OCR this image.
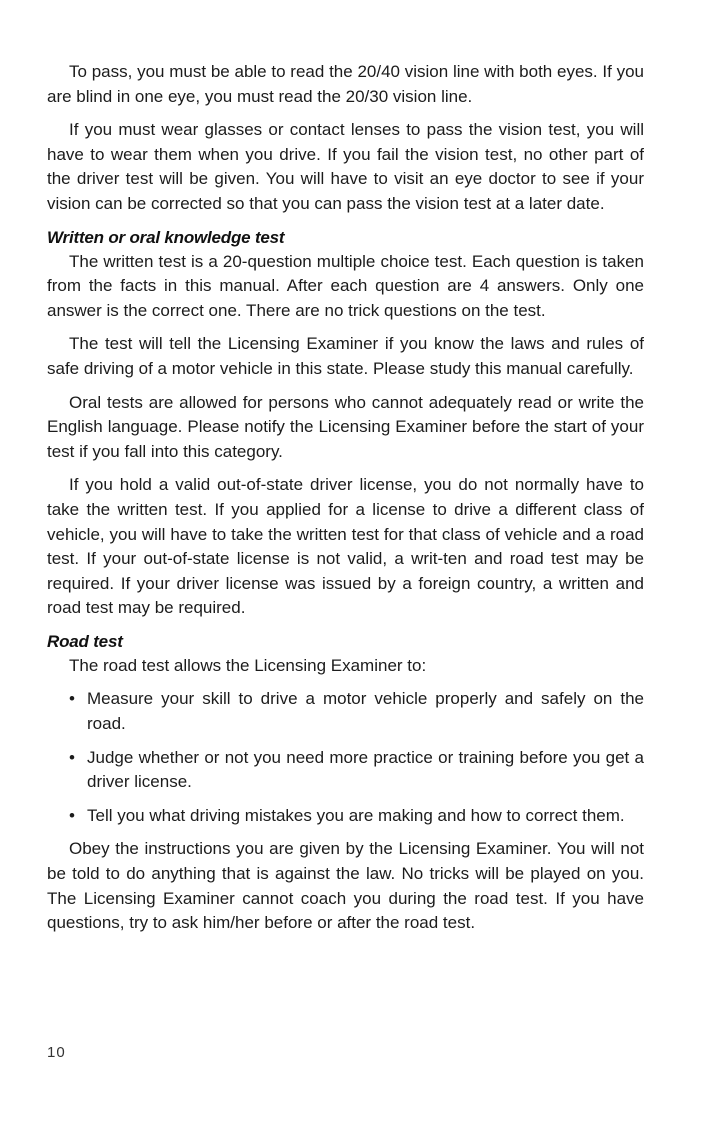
To pass, you must be able to read the 20/40 vision line with both eyes. If you are blind in one eye, you must read the 20/30 vision line.

If you must wear glasses or contact lenses to pass the vision test, you will have to wear them when you drive. If you fail the vision test, no other part of the driver test will be given. You will have to visit an eye doctor to see if your vision can be corrected so that you can pass the vision test at a later date.

Written or oral knowledge test

The written test is a 20-question multiple choice test. Each question is taken from the facts in this manual. After each question are 4 answers. Only one answer is the correct one. There are no trick questions on the test.

The test will tell the Licensing Examiner if you know the laws and rules of safe driving of a motor vehicle in this state. Please study this manual carefully.

Oral tests are allowed for persons who cannot adequately read or write the English language. Please notify the Licensing Examiner before the start of your test if you fall into this category.

If you hold a valid out-of-state driver license, you do not normally have to take the written test. If you applied for a license to drive a different class of vehicle, you will have to take the written test for that class of vehicle and a road test. If your out-of-state license is not valid, a writ-ten and road test may be required. If your driver license was issued by a foreign country, a written and road test may be required.

Road test

The road test allows the Licensing Examiner to:

• Measure your skill to drive a motor vehicle properly and safely on the road.
• Judge whether or not you need more practice or training before you get a driver license.
• Tell you what driving mistakes you are making and how to correct them.

Obey the instructions you are given by the Licensing Examiner. You will not be told to do anything that is against the law. No tricks will be played on you. The Licensing Examiner cannot coach you during the road test. If you have questions, try to ask him/her before or after the road test.

10
